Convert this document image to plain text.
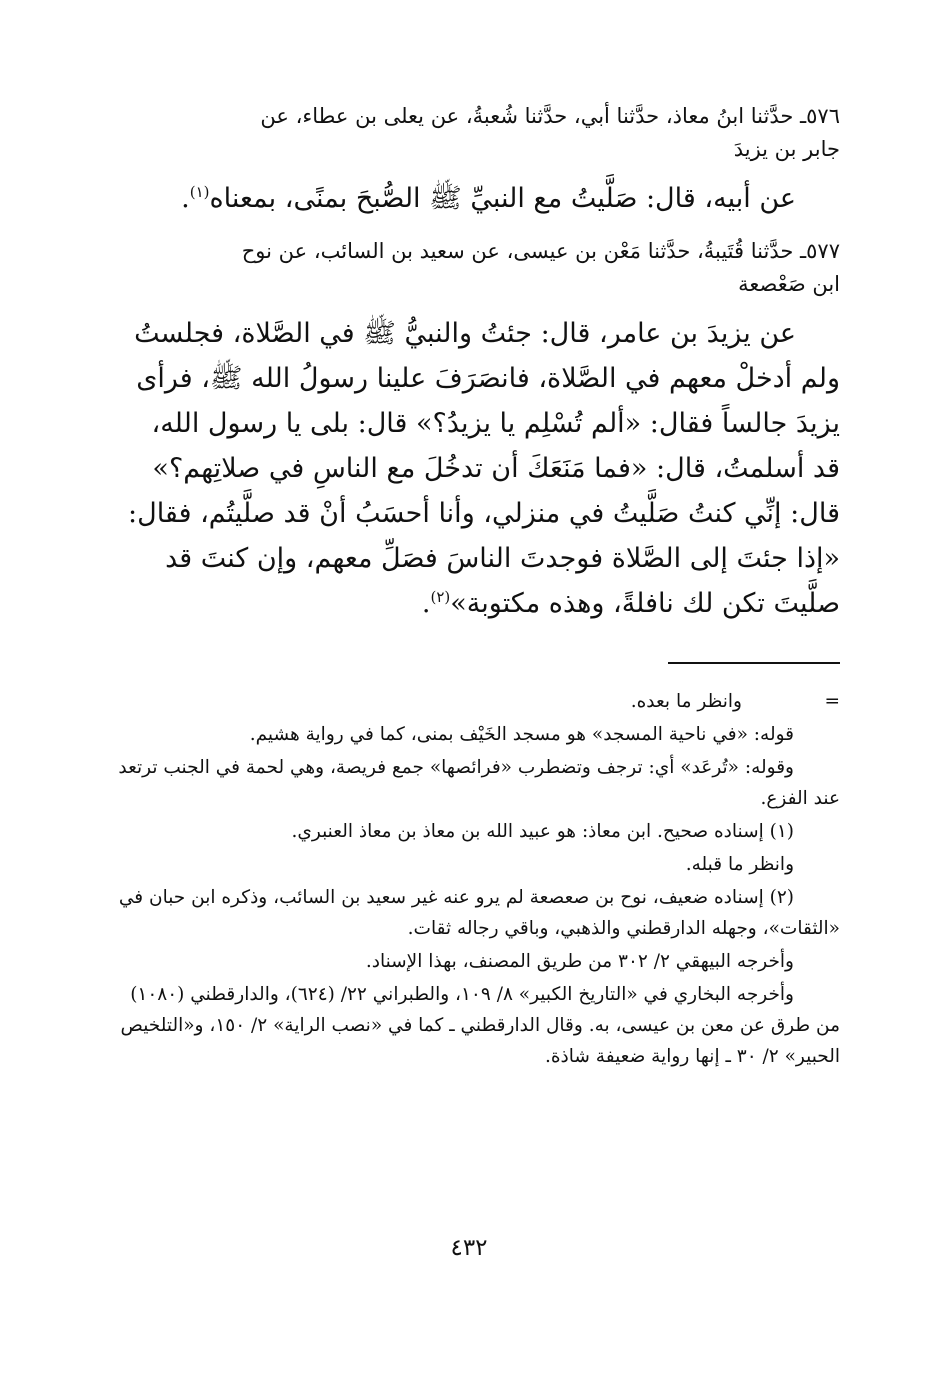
٥٧٦ـ حدَّثنا ابنُ معاذ، حدَّثنا أبي، حدَّثنا شُعبةُ، عن يعلى بن عطاء، عن
جابر بن يزيدَ

عن أبيه، قال: صَلَّيتُ مع النبيِّ ﷺ الصُّبحَ بمنًى، بمعناه$^{(١)}$.

٥٧٧ـ حدَّثنا قُتَيبةُ، حدَّثنا مَعْن بن عيسى، عن سعيد بن السائب، عن نوح
ابن صَعْصعة

عن يزيدَ بن عامر، قال: جئتُ والنبيُّ ﷺ في الصَّلاة، فجلستُ ولم أدخلْ معهم في الصَّلاة، فانصَرَفَ علينا رسولُ الله ﷺ، فرأى يزيدَ جالساً فقال: «ألم تُسْلِم يا يزيدُ؟» قال: بلى يا رسول الله، قد أسلمتُ، قال: «فما مَنَعَكَ أن تدخُلَ مع الناسِ في صلاتِهم؟» قال: إنِّي كنتُ صَلَّيتُ في منزلي، وأنا أحسَبُ أنْ قد صلَّيتُم، فقال: «إذا جئتَ إلى الصَّلاة فوجدتَ الناسَ فصَلِّ معهم، وإن كنتَ قد صلَّيتَ تكن لك نافلةً، وهذه مكتوبة»$^{(٢)}$.

=وانظر ما بعده.

قوله: «في ناحية المسجد» هو مسجد الخَيْف بمنى، كما في رواية هشيم.

وقوله: «تُرعَد» أي: ترجف وتضطرب «فرائصها» جمع فريصة، وهي لحمة في الجنب ترتعد عند الفزع.

(١) إسناده صحيح. ابن معاذ: هو عبيد الله بن معاذ بن معاذ العنبري.

وانظر ما قبله.

(٢) إسناده ضعيف، نوح بن صعصعة لم يرو عنه غير سعيد بن السائب، وذكره ابن حبان في «الثقات»، وجهله الدارقطني والذهبي، وباقي رجاله ثقات.

وأخرجه البيهقي ٢/ ٣٠٢ من طريق المصنف، بهذا الإسناد.

وأخرجه البخاري في «التاريخ الكبير» ٨/ ١٠٩، والطبراني ٢٢/ (٦٢٤)، والدارقطني (١٠٨٠) من طرق عن معن بن عيسى، به. وقال الدارقطني ـ كما في «نصب الراية» ٢/ ١٥٠، و«التلخيص الحبير» ٢/ ٣٠ ـ إنها رواية ضعيفة شاذة.

٤٣٢
